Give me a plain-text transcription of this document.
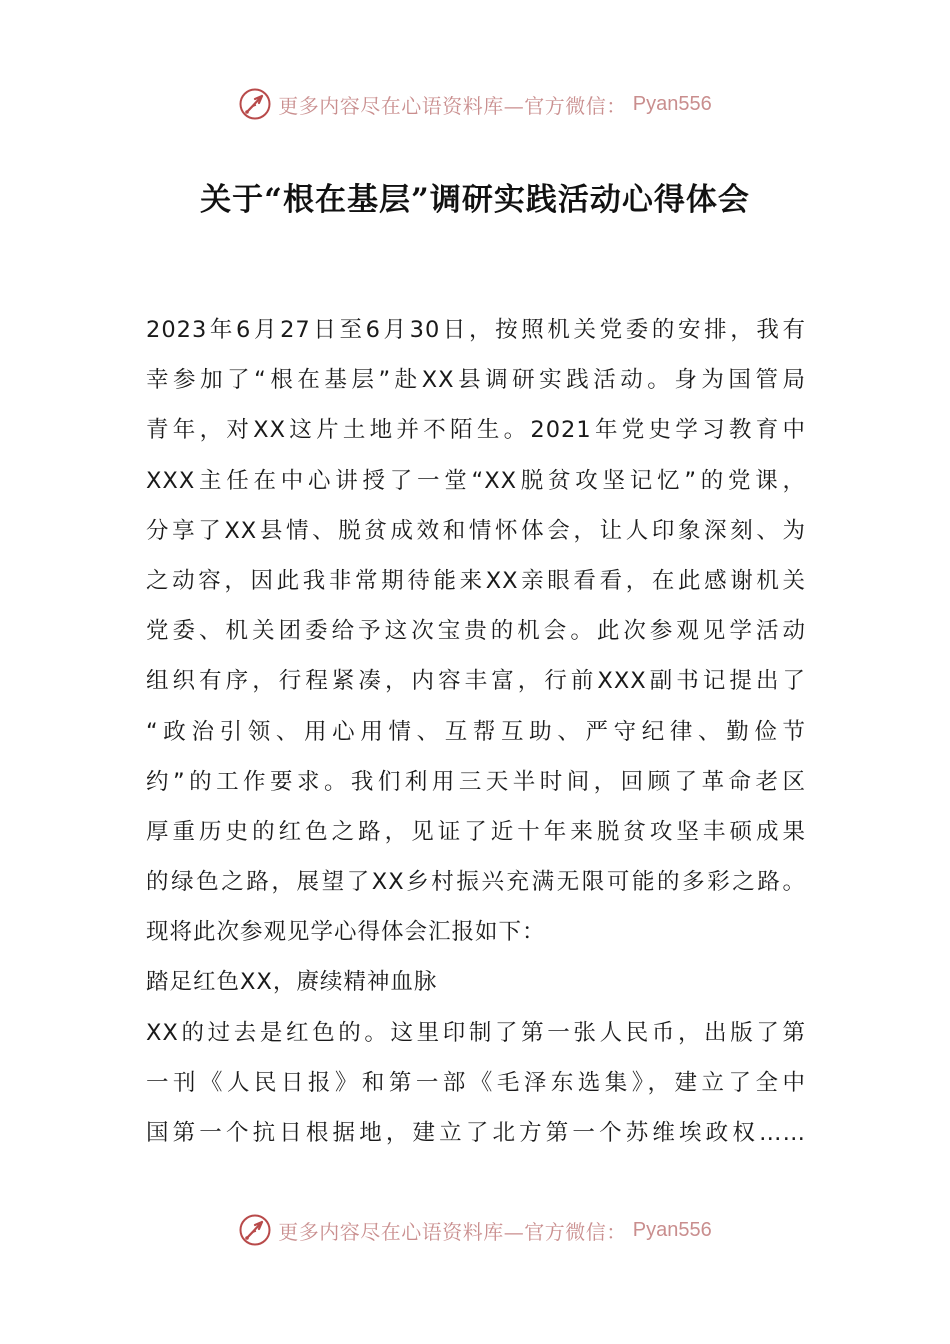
更多内容尽在心语资料库—官方微信： Pyan556
关于“根在基层”调研实践活动心得体会
2023年6月27日至6月30日，按照机关党委的安排，我有
幸参加了“根在基层”赴XX县调研实践活动。身为国管局
青年，对XX这片土地并不陌生。2021年党史学习教育中
XXX主任在中心讲授了一堂“XX脱贫攻坚记忆”的党课，
分享了XX县情、脱贫成效和情怀体会，让人印象深刻、为
之动容，因此我非常期待能来XX亲眼看看，在此感谢机关
党委、机关团委给予这次宝贵的机会。此次参观见学活动
组织有序，行程紧凑，内容丰富，行前XXX副书记提出了
“政治引领、用心用情、互帮互助、严守纪律、勤俭节
约”的工作要求。我们利用三天半时间，回顾了革命老区
厚重历史的红色之路，见证了近十年来脱贫攻坚丰硕成果
的绿色之路，展望了XX乡村振兴充满无限可能的多彩之路。
现将此次参观见学心得体会汇报如下：
踏足红色XX，赓续精神血脉
XX的过去是红色的。这里印制了第一张人民币，出版了第
一刊《人民日报》和第一部《毛泽东选集》，建立了全中
国第一个抗日根据地，建立了北方第一个苏维埃政权……
更多内容尽在心语资料库—官方微信： Pyan556
